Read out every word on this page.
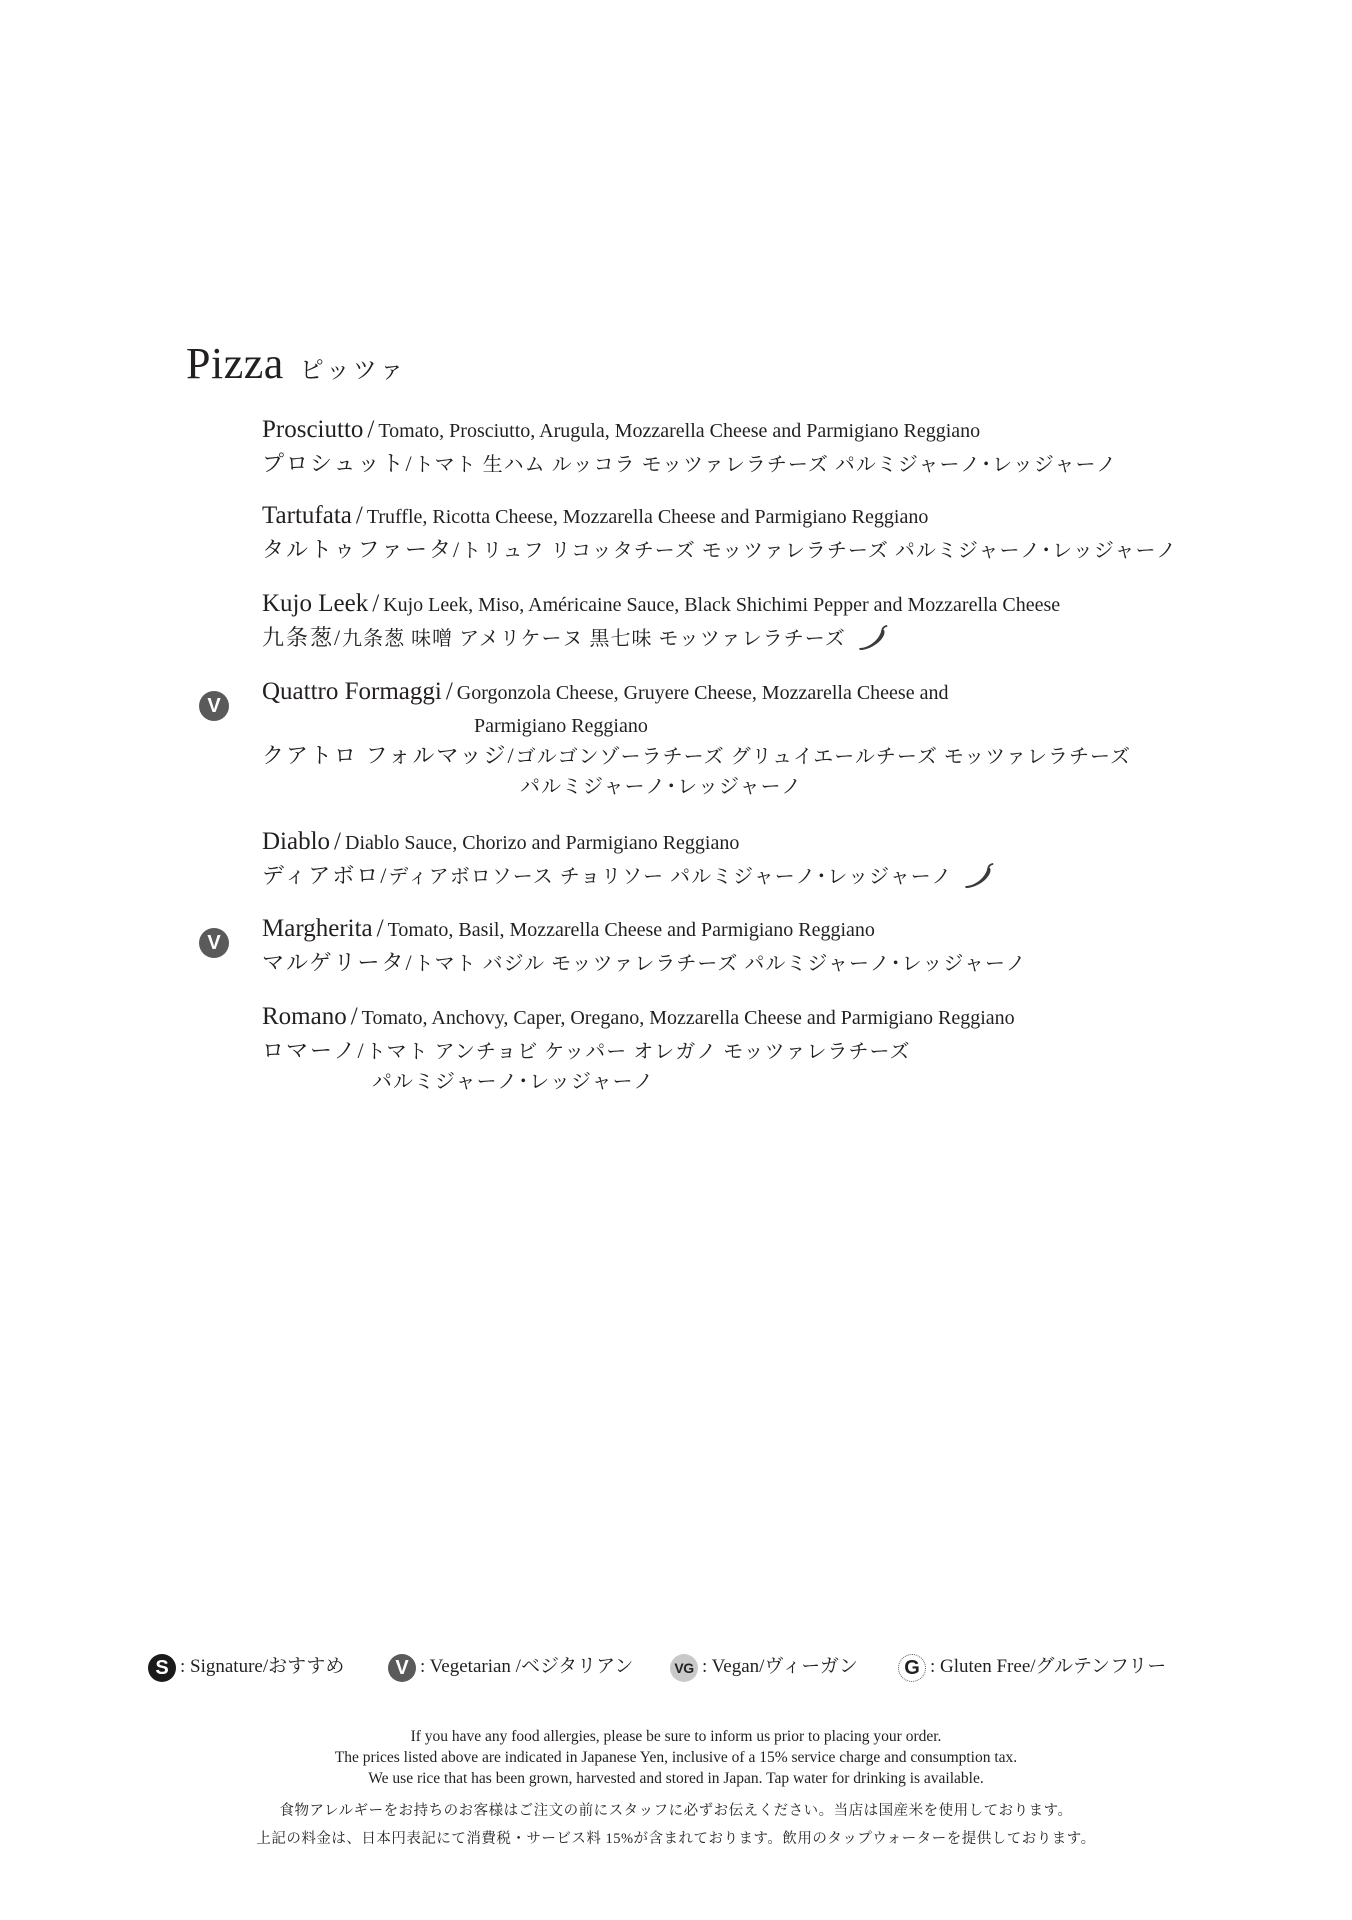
Pizza ピッツァ
Prosciutto / Tomato, Prosciutto, Arugula, Mozzarella Cheese and Parmigiano Reggiano
プロシュット/トマト 生ハム ルッコラ モッツァレラチーズ パルミジャーノ･レッジャーノ
Tartufata / Truffle, Ricotta Cheese, Mozzarella Cheese and Parmigiano Reggiano
タルトゥファータ/トリュフ リコッタチーズ モッツァレラチーズ パルミジャーノ･レッジャーノ
Kujo Leek / Kujo Leek, Miso, Américaine Sauce, Black Shichimi Pepper and Mozzarella Cheese
九条葱/九条葱 味噌 アメリケーヌ 黒七味 モッツァレラチーズ
V
Quattro Formaggi / Gorgonzola Cheese, Gruyere Cheese, Mozzarella Cheese and
Parmigiano Reggiano
クアトロ フォルマッジ/ゴルゴンゾーラチーズ グリュイエールチーズ モッツァレラチーズ
パルミジャーノ･レッジャーノ
Diablo / Diablo Sauce, Chorizo and Parmigiano Reggiano
ディアボロ/ディアボロソース チョリソー パルミジャーノ･レッジャーノ
V
Margherita / Tomato, Basil, Mozzarella Cheese and Parmigiano Reggiano
マルゲリータ/トマト バジル モッツァレラチーズ パルミジャーノ･レッジャーノ
Romano / Tomato, Anchovy, Caper, Oregano, Mozzarella Cheese and Parmigiano Reggiano
ロマーノ/トマト アンチョビ ケッパー オレガノ モッツァレラチーズ
パルミジャーノ･レッジャーノ
S : Signature/おすすめ	V : Vegetarian /ベジタリアン	VG : Vegan/ヴィーガン	G : Gluten Free/グルテンフリー
If you have any food allergies, please be sure to inform us prior to placing your order.
The prices listed above are indicated in Japanese Yen, inclusive of a 15% service charge and consumption tax.
We use rice that has been grown, harvested and stored in Japan. Tap water for drinking is available.
食物アレルギーをお持ちのお客様はご注文の前にスタッフに必ずお伝えください。当店は国産米を使用しております。
上記の料金は、日本円表記にて消費税・サービス料 15%が含まれております。飲用のタップウォーターを提供しております。
